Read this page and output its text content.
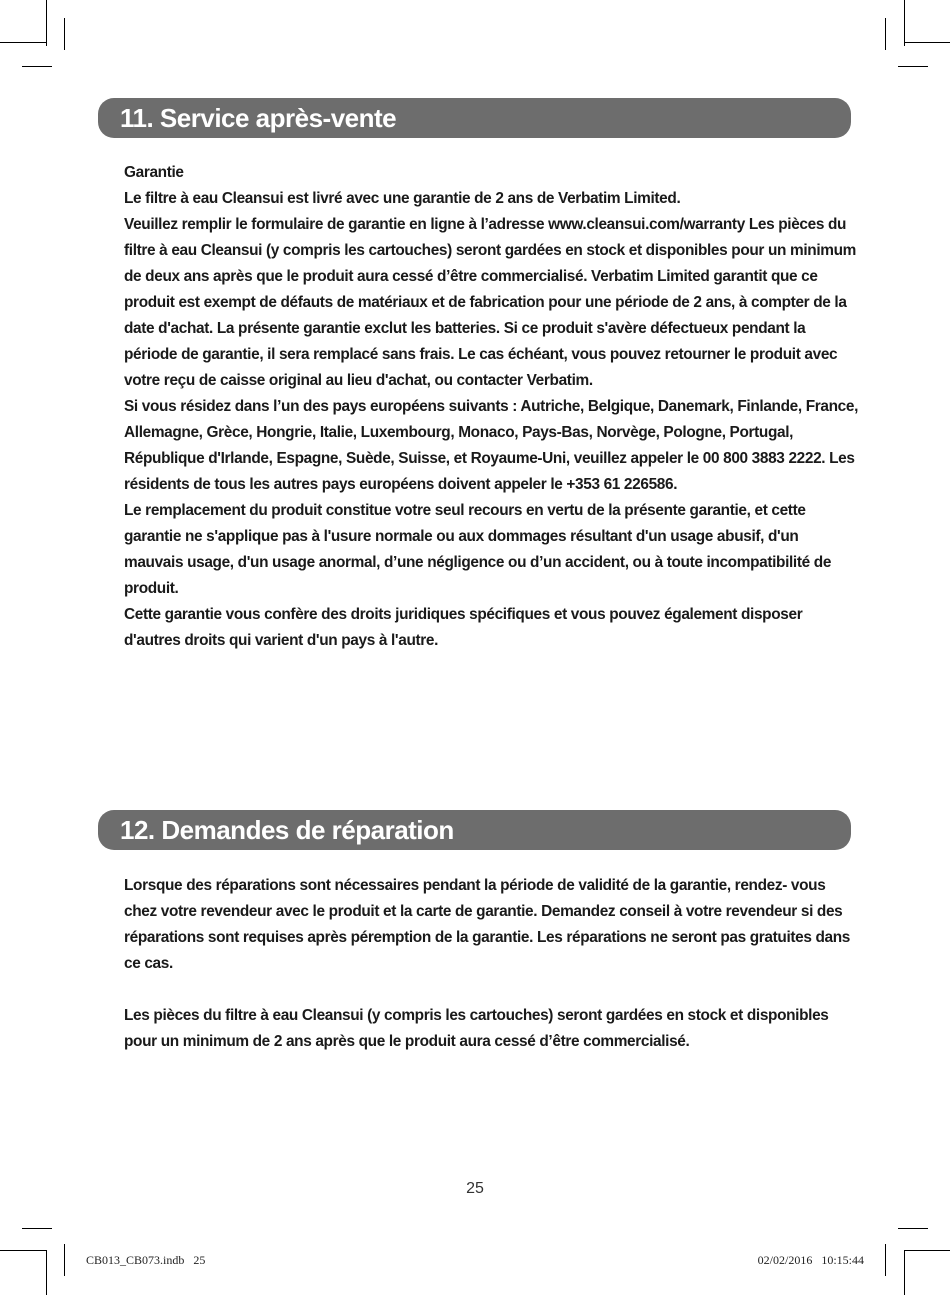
11. Service après-vente

Garantie

Le filtre à eau Cleansui est livré avec une garantie de 2 ans de Verbatim Limited.

Veuillez remplir le formulaire de garantie en ligne à l’adresse www.cleansui.com/warranty Les pièces du filtre à eau Cleansui (y compris les cartouches) seront gardées en stock et disponibles pour un minimum de deux ans après que le produit aura cessé d’être commercialisé. Verbatim Limited garantit que ce produit est exempt de défauts de matériaux et de fabrication pour une période de 2 ans, à compter de la date d'achat. La présente garantie exclut les batteries. Si ce produit s'avère défectueux pendant la période de garantie, il sera remplacé sans frais. Le cas échéant, vous pouvez retourner le produit avec votre reçu de caisse original au lieu d'achat, ou contacter Verbatim.

Si vous résidez dans l’un des pays européens suivants : Autriche, Belgique, Danemark, Finlande, France, Allemagne, Grèce, Hongrie, Italie, Luxembourg, Monaco, Pays-Bas, Norvège, Pologne, Portugal, République d'Irlande, Espagne, Suède, Suisse, et Royaume-Uni, veuillez appeler le 00 800 3883 2222. Les résidents de tous les autres pays européens doivent appeler le +353 61 226586.

Le remplacement du produit constitue votre seul recours en vertu de la présente garantie, et cette garantie ne s'applique pas à l'usure normale ou aux dommages résultant d'un usage abusif, d'un mauvais usage, d'un usage anormal, d’une négligence ou d’un accident, ou à toute incompatibilité de produit.

Cette garantie vous confère des droits juridiques spécifiques et vous pouvez également disposer d'autres droits qui varient d'un pays à l'autre.

12. Demandes de réparation

Lorsque des réparations sont nécessaires pendant la période de validité de la garantie, rendez- vous chez votre revendeur avec le produit et la carte de garantie. Demandez conseil à votre revendeur si des réparations sont requises après péremption de la garantie. Les réparations ne seront pas gratuites dans ce cas.

Les pièces du filtre à eau Cleansui (y compris les cartouches) seront gardées en stock et disponibles pour un minimum de 2 ans après que le produit aura cessé d’être commercialisé.

25
CB013_CB073.indb   25	02/02/2016   10:15:44
